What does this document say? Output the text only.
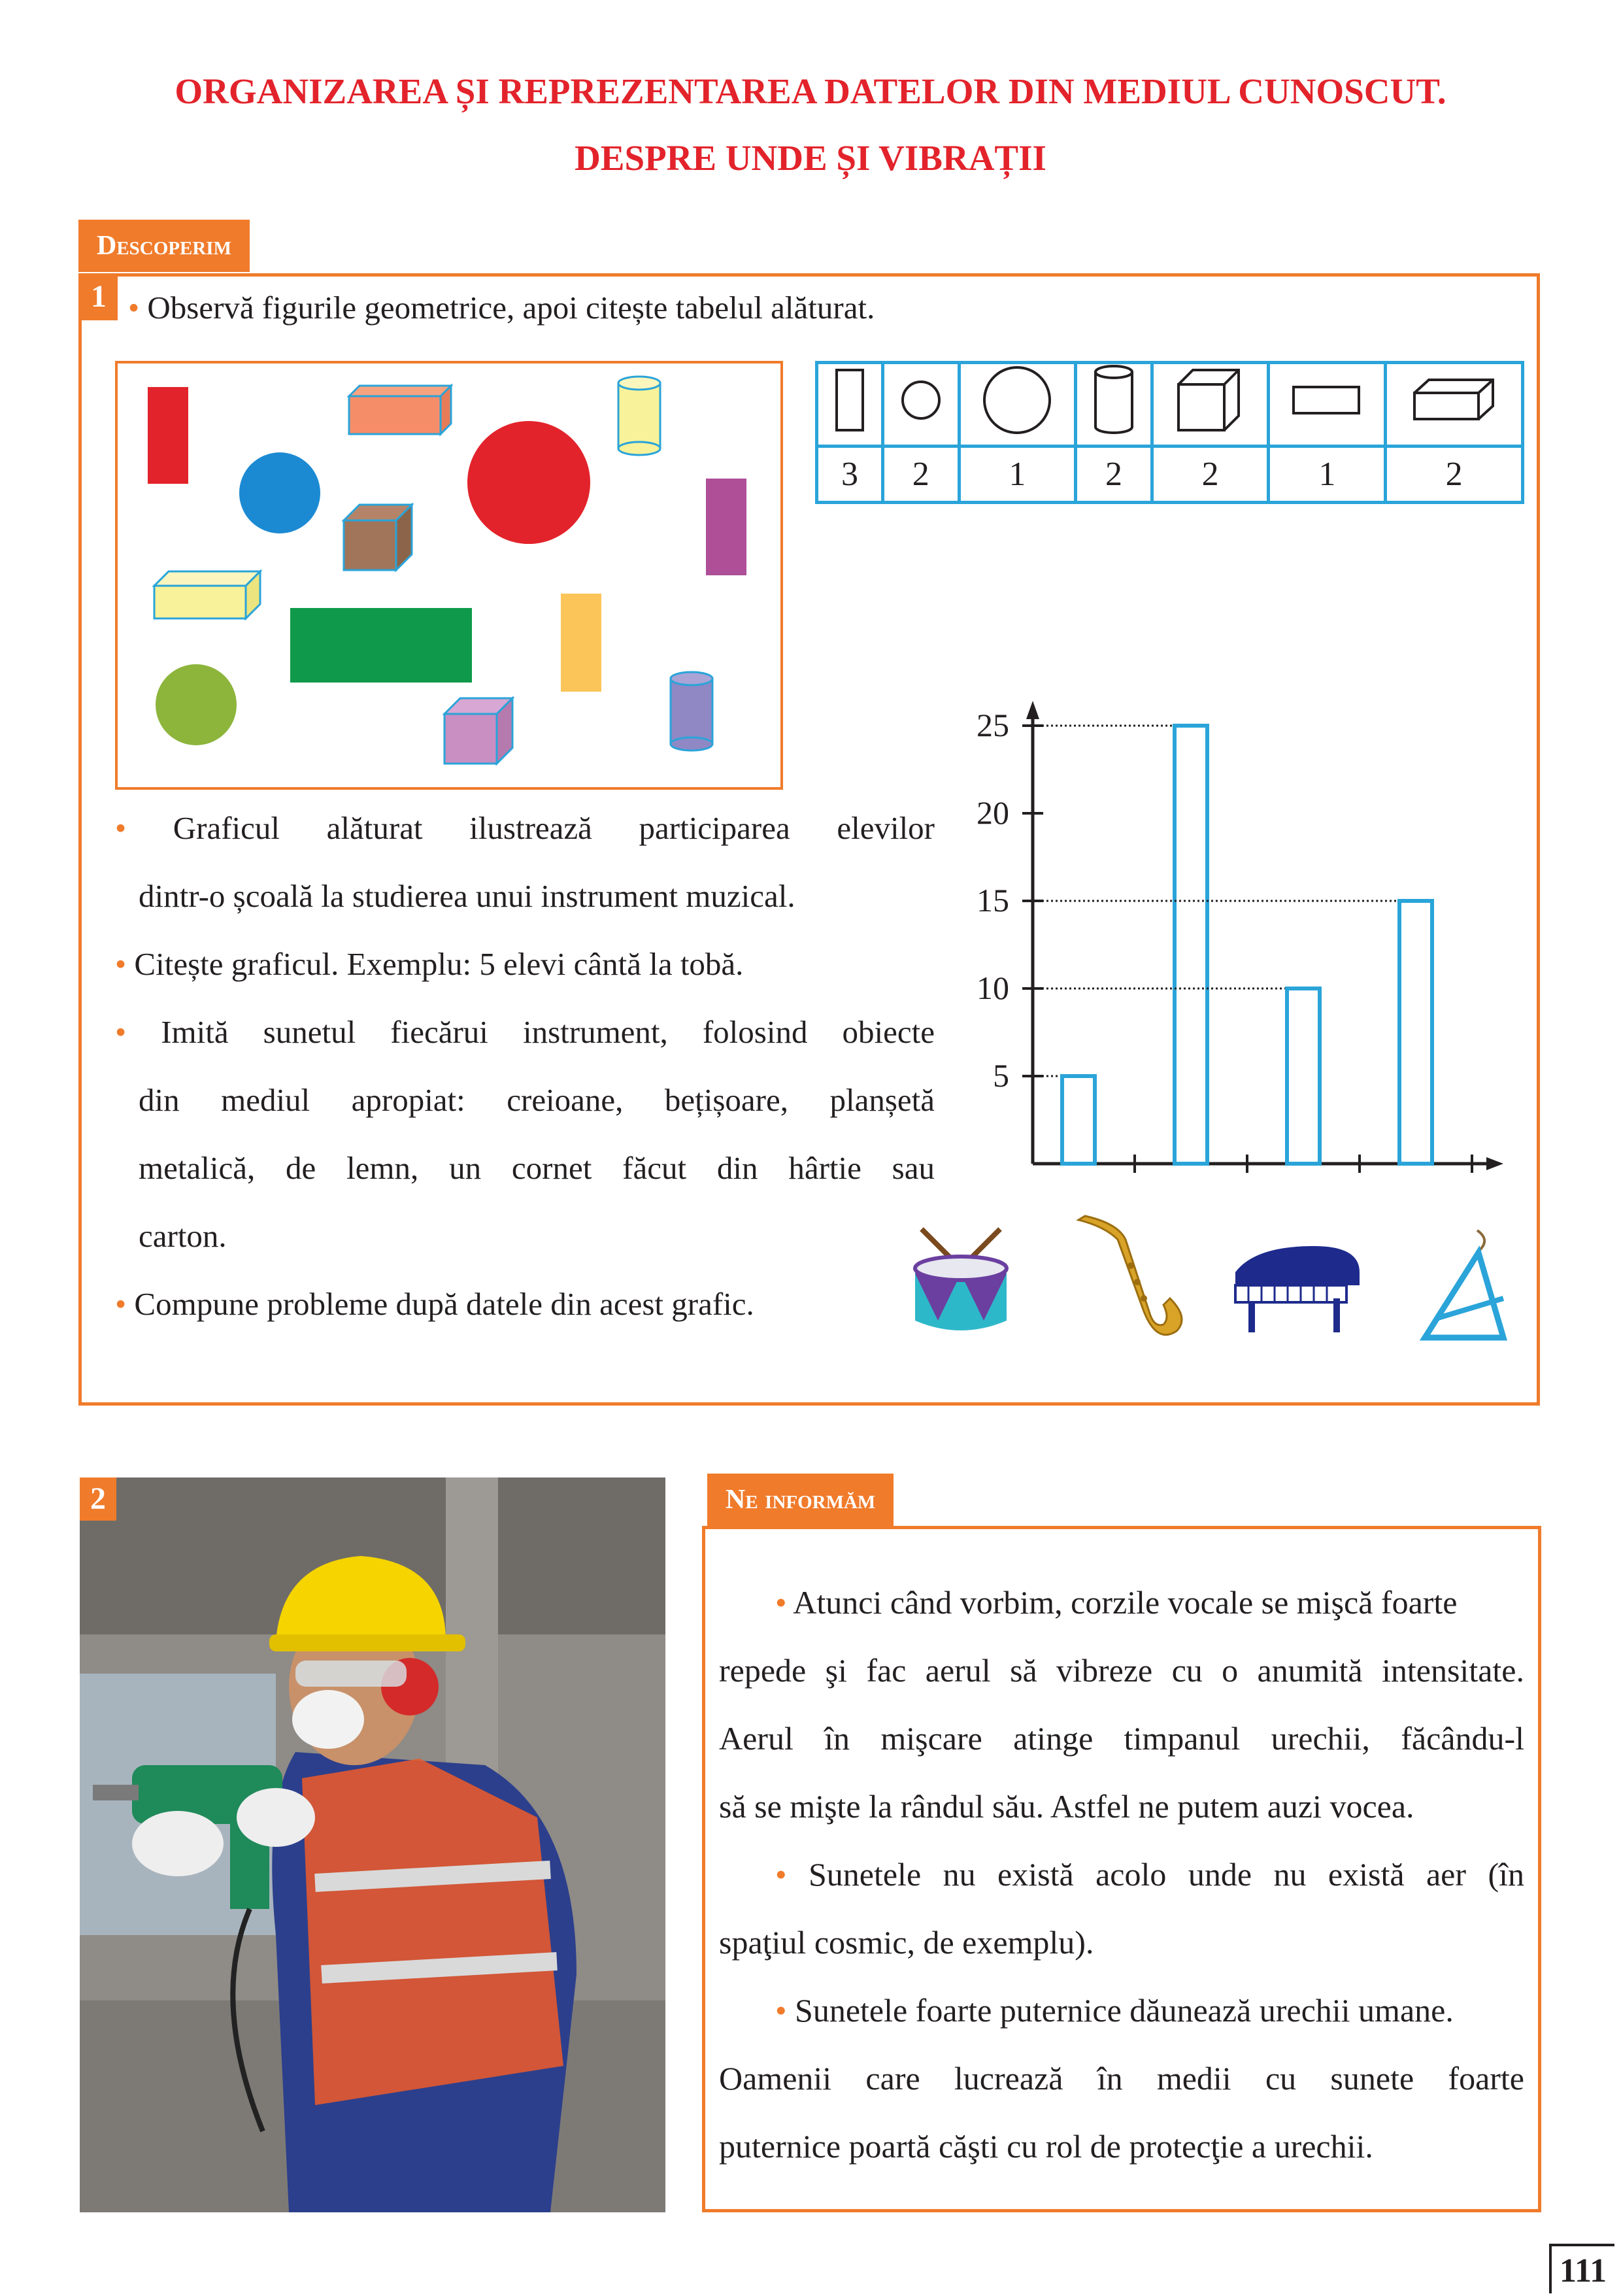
ORGANIZAREA ȘI REPREZENTAREA DATELOR DIN MEDIUL CUNOSCUT.
DESPRE UNDE ȘI VIBRAȚII
Descoperim
1 • Observă figurile geometrice, apoi citește tabelul alăturat.

3	2	1	2	2	1	2
• Graficul alăturat ilustrează participarea elevilor
dintr-o școală la studierea unui instrument muzical.
• Citește graficul. Exemplu: 5 elevi cântă la tobă.
• Imită sunetul fiecărui instrument, folosind obiecte
din mediul apropiat: creioane, bețișoare, planșetă
metalică, de lemn, un cornet făcut din hârtie sau
carton.
• Compune probleme după datele din acest grafic.
5
10
15
20
25
2	Ne informăm
• Atunci când vorbim, corzile vocale se mişcă foarte
repede şi fac aerul să vibreze cu o anumită intensitate.
Aerul în mişcare atinge timpanul urechii, făcându-l
să se mişte la rândul său. Astfel ne putem auzi vocea.
• Sunetele nu există acolo unde nu există aer (în
spaţiul cosmic, de exemplu).
• Sunetele foarte puternice dăunează urechii umane.
Oamenii care lucrează în medii cu sunete foarte
puternice poartă căşti cu rol de protecţie a urechii.
111
